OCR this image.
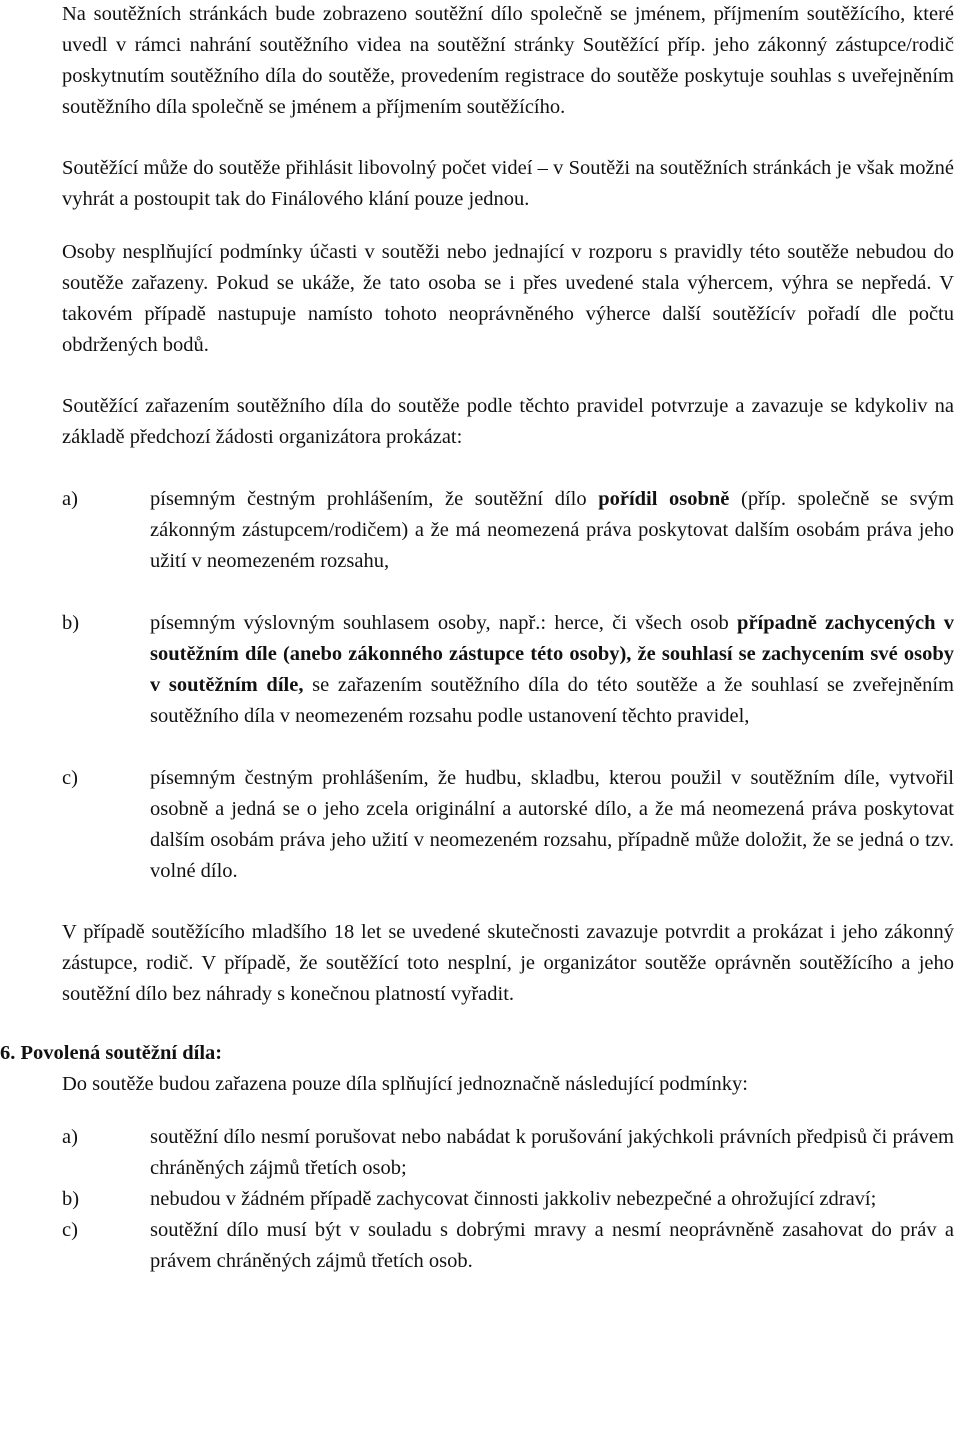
Na soutěžních stránkách bude zobrazeno soutěžní dílo společně se jménem, příjmením soutěžícího, které uvedl v rámci nahrání soutěžního videa na soutěžní stránky Soutěžící příp. jeho zákonný zástupce/rodič poskytnutím soutěžního díla do soutěže, provedením registrace do soutěže poskytuje souhlas s uveřejněním soutěžního díla společně se jménem a příjmením soutěžícího.

Soutěžící může do soutěže přihlásit libovolný počet videí – v Soutěži na soutěžních stránkách je však možné vyhrát a postoupit tak do Finálového klání pouze jednou.

Osoby nesplňující podmínky účasti v soutěži nebo jednající v rozporu s pravidly této soutěže nebudou do soutěže zařazeny. Pokud se ukáže, že tato osoba se i přes uvedené stala výhercem, výhra se nepředá. V takovém případě nastupuje namísto tohoto neoprávněného výherce další soutěžícív pořadí dle počtu obdržených bodů.

Soutěžící zařazením soutěžního díla do soutěže podle těchto pravidel potvrzuje a zavazuje se kdykoliv na základě předchozí žádosti organizátora prokázat:

a)	písemným čestným prohlášením, že soutěžní dílo pořídil osobně (příp. společně se svým zákonným zástupcem/rodičem) a že má neomezená práva poskytovat dalším osobám práva jeho užití v neomezeném rozsahu,
b)	písemným výslovným souhlasem osoby, např.: herce, či všech osob případně zachycených v soutěžním díle (anebo zákonného zástupce této osoby), že souhlasí se zachycením své osoby v soutěžním díle, se zařazením soutěžního díla do této soutěže a že souhlasí se zveřejněním soutěžního díla v neomezeném rozsahu podle ustanovení těchto pravidel,
c)	písemným čestným prohlášením, že hudbu, skladbu, kterou použil v soutěžním díle, vytvořil osobně a jedná se o jeho zcela originální a autorské dílo, a že má neomezená práva poskytovat dalším osobám práva jeho užití v neomezeném rozsahu, případně může doložit, že se jedná o tzv. volné dílo.

V případě soutěžícího mladšího 18 let se uvedené skutečnosti zavazuje potvrdit a prokázat i jeho zákonný zástupce, rodič. V případě, že soutěžící toto nesplní, je organizátor soutěže oprávněn soutěžícího a jeho soutěžní dílo bez náhrady s konečnou platností vyřadit.

6. Povolená soutěžní díla:

Do soutěže budou zařazena pouze díla splňující jednoznačně následující podmínky:

a)	soutěžní dílo nesmí porušovat nebo nabádat k porušování jakýchkoli právních předpisů či právem chráněných zájmů třetích osob;
b)	nebudou v žádném případě zachycovat činnosti jakkoliv nebezpečné a ohrožující zdraví;
c)	soutěžní dílo musí být v souladu s dobrými mravy a nesmí neoprávněně zasahovat do práv a právem chráněných zájmů třetích osob.
